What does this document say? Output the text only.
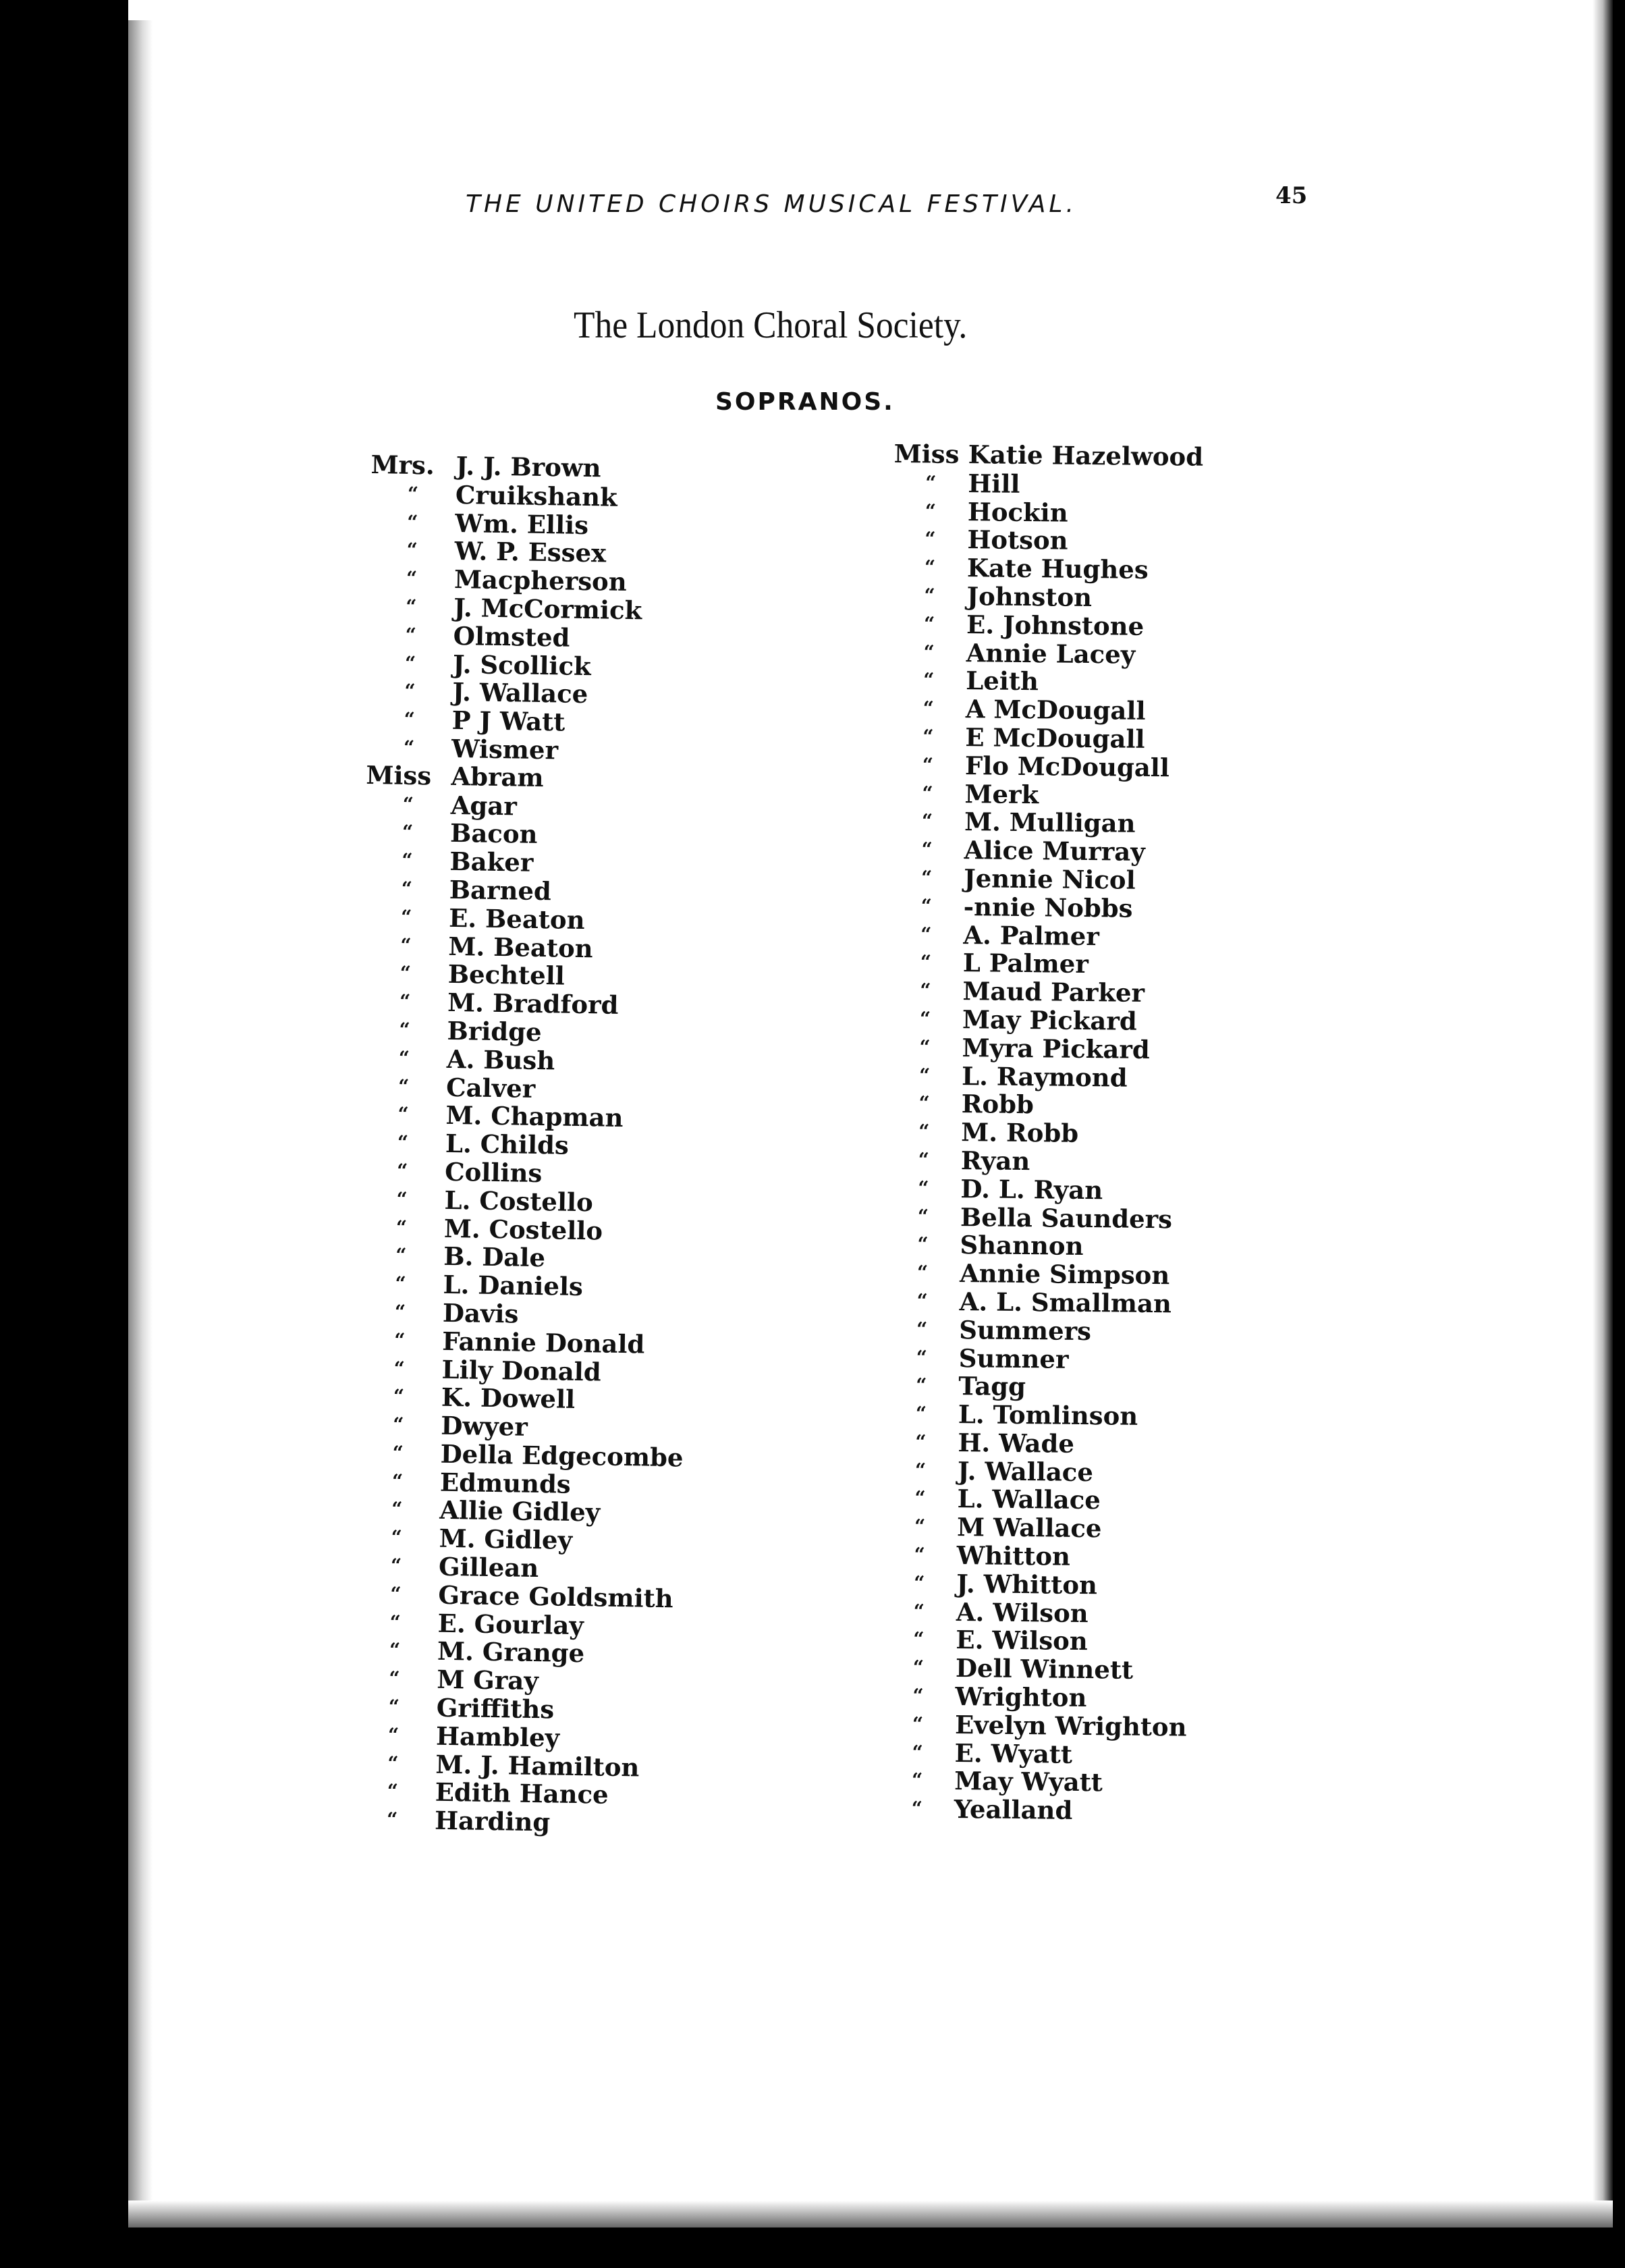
THE UNITED CHOIRS MUSICAL FESTIVAL.	45
The London Choral Society.
SOPRANOS.
Mrs. J. J. Brown
“ Cruikshank
“ Wm. Ellis
“ W. P. Essex
“ Macpherson
“ J. McCormick
“ Olmsted
“ J. Scollick
“ J. Wallace
“ P J Watt
“ Wismer
Miss Abram
“ Agar
“ Bacon
“ Baker
“ Barned
“ E. Beaton
“ M. Beaton
“ Bechtell
“ M. Bradford
“ Bridge
“ A. Bush
“ Calver
“ M. Chapman
“ L. Childs
“ Collins
“ L. Costello
“ M. Costello
“ B. Dale
“ L. Daniels
“ Davis
“ Fannie Donald
“ Lily Donald
“ K. Dowell
“ Dwyer
“ Della Edgecombe
“ Edmunds
“ Allie Gidley
“ M. Gidley
“ Gillean
“ Grace Goldsmith
“ E. Gourlay
“ M. Grange
“ M Gray
“ Griffiths
“ Hambley
“ M. J. Hamilton
“ Edith Hance
“ Harding
Miss Katie Hazelwood
“ Hill
“ Hockin
“ Hotson
“ Kate Hughes
“ Johnston
“ E. Johnstone
“ Annie Lacey
“ Leith
“ A McDougall
“ E McDougall
“ Flo McDougall
“ Merk
“ M. Mulligan
“ Alice Murray
“ Jennie Nicol
“ ‐nnie Nobbs
“ A. Palmer
“ L Palmer
“ Maud Parker
“ May Pickard
“ Myra Pickard
“ L. Raymond
“ Robb
“ M. Robb
“ Ryan
“ D. L. Ryan
“ Bella Saunders
“ Shannon
“ Annie Simpson
“ A. L. Smallman
“ Summers
“ Sumner
“ Tagg
“ L. Tomlinson
“ H. Wade
“ J. Wallace
“ L. Wallace
“ M Wallace
“ Whitton
“ J. Whitton
“ A. Wilson
“ E. Wilson
“ Dell Winnett
“ Wrighton
“ Evelyn Wrighton
“ E. Wyatt
“ May Wyatt
“ Yealland
